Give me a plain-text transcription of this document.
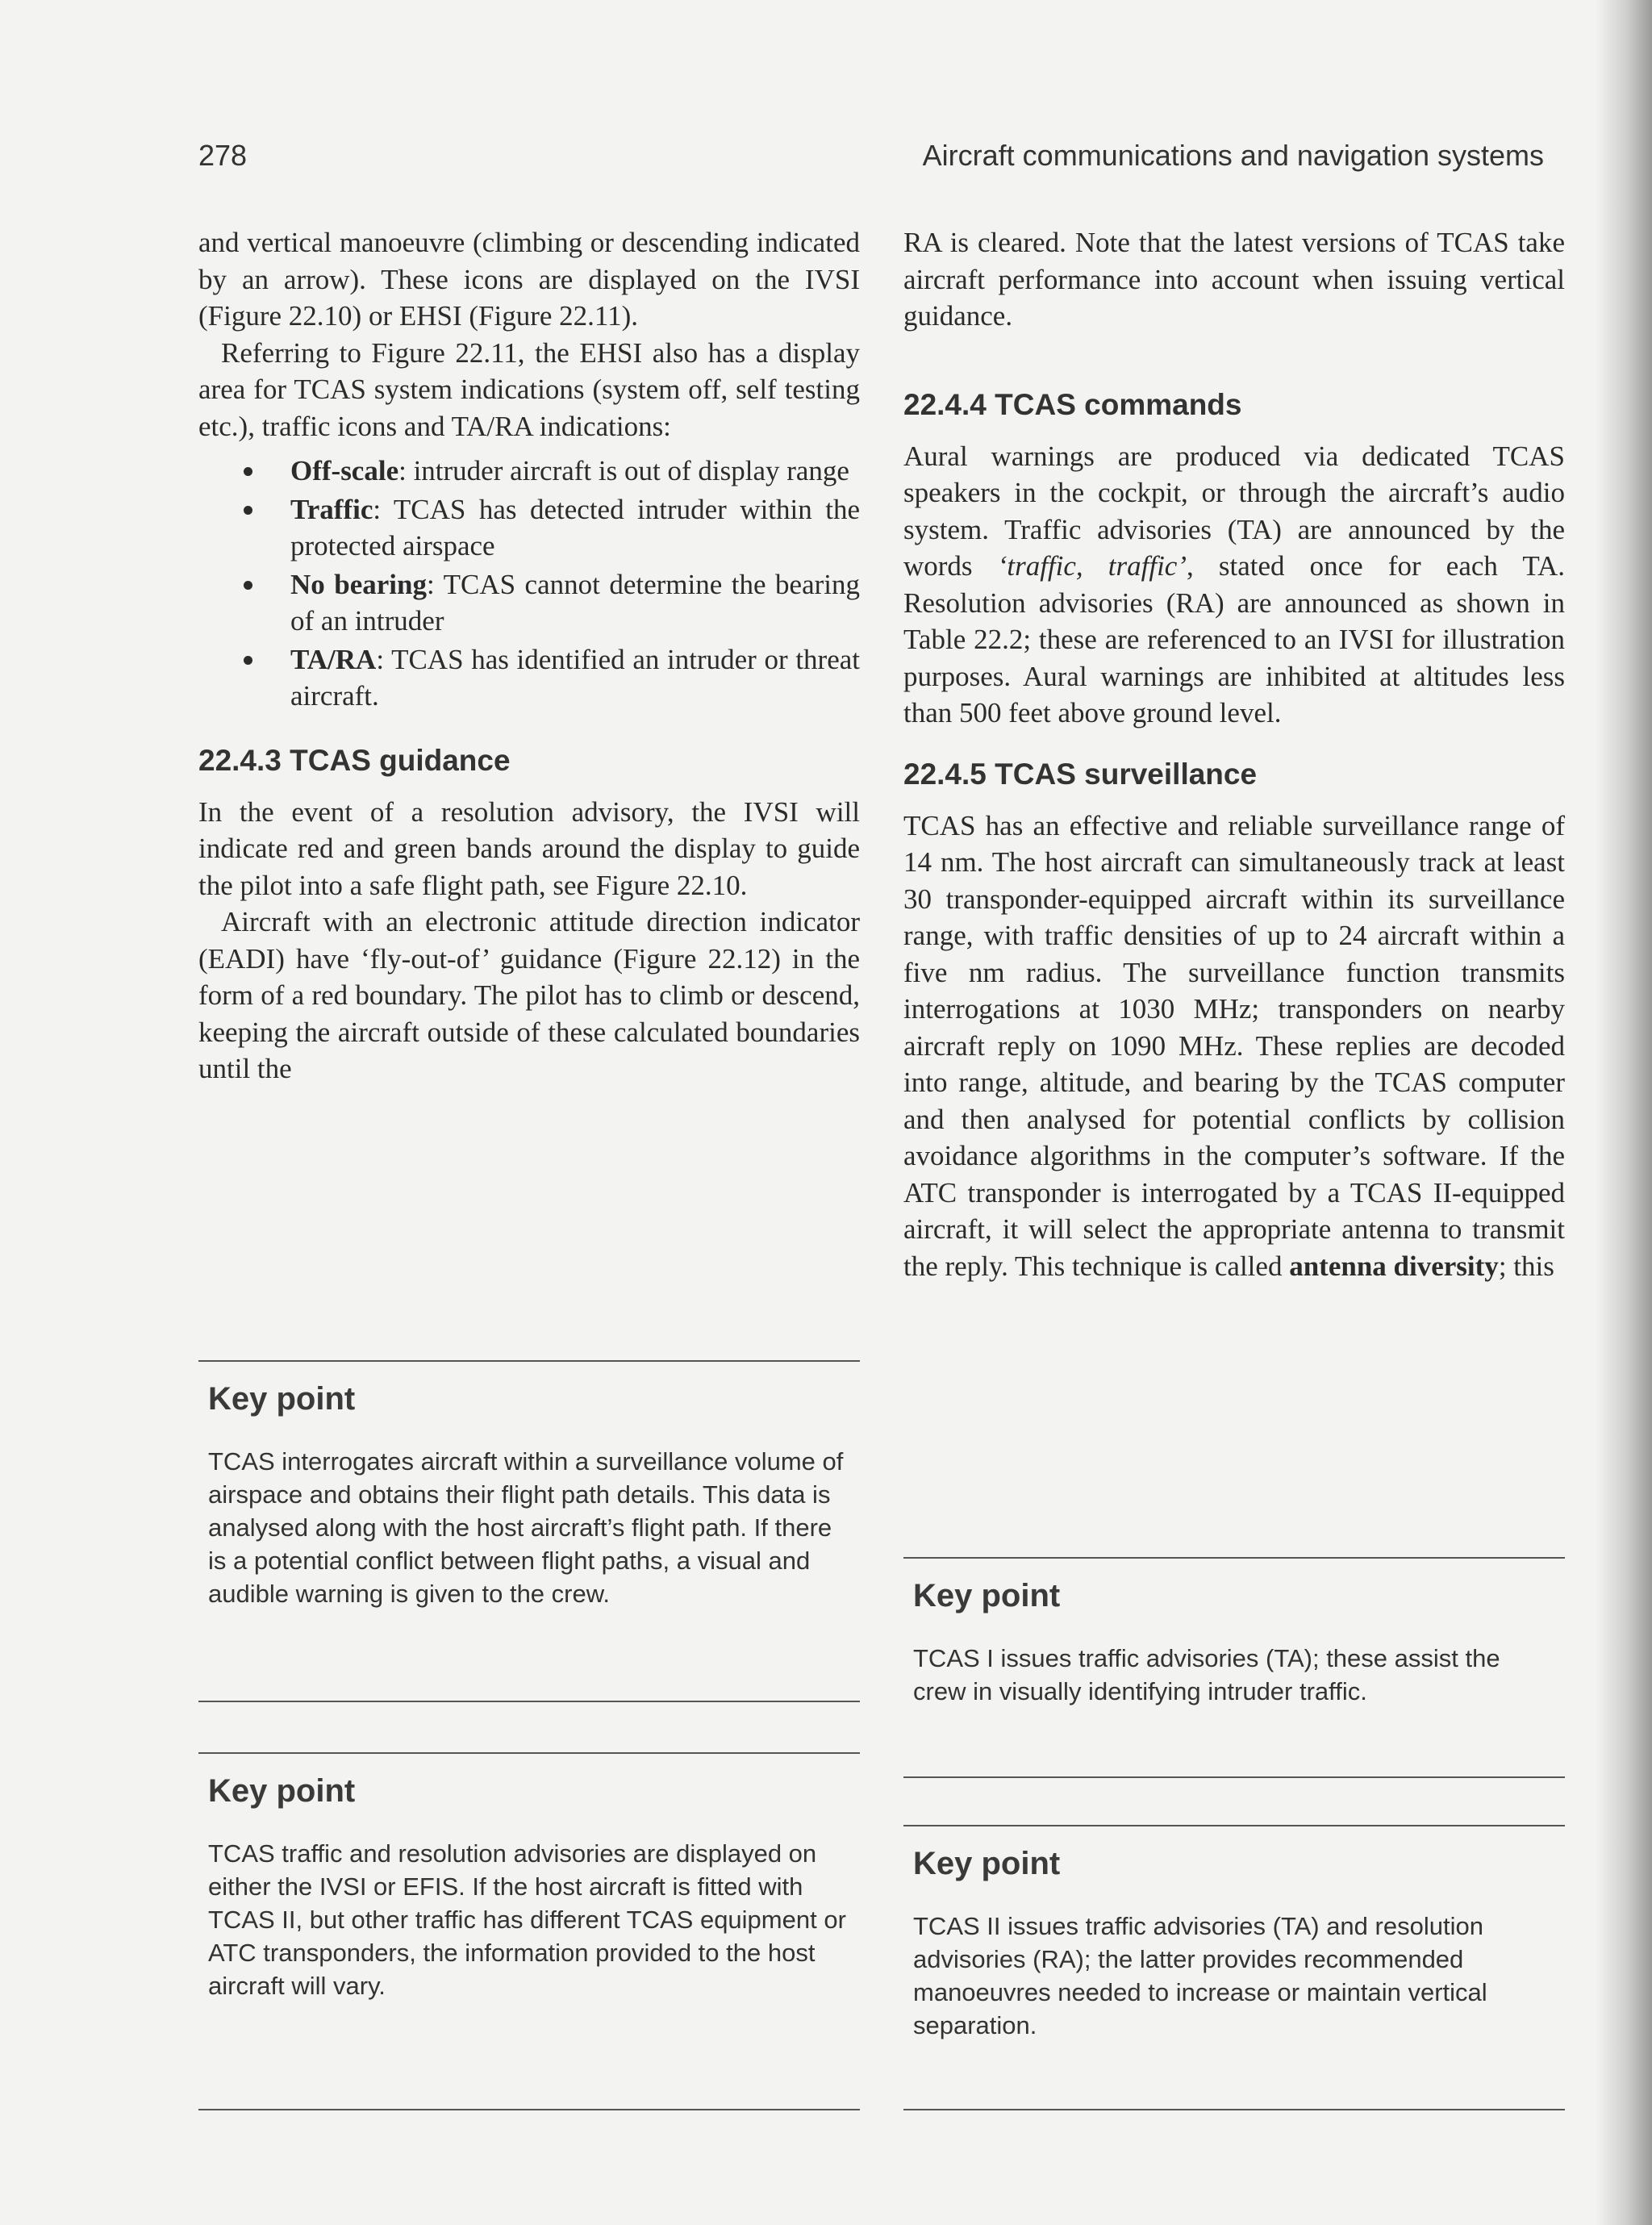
278	Aircraft communications and navigation systems

and vertical manoeuvre (climbing or descending indicated by an arrow). These icons are displayed on the IVSI (Figure 22.10) or EHSI (Figure 22.11).

Referring to Figure 22.11, the EHSI also has a display area for TCAS system indications (system off, self testing etc.), traffic icons and TA/RA indications:

Off-scale: intruder aircraft is out of display range
Traffic: TCAS has detected intruder within the protected airspace
No bearing: TCAS cannot determine the bearing of an intruder
TA/RA: TCAS has identified an intruder or threat aircraft.
22.4.3 TCAS guidance

In the event of a resolution advisory, the IVSI will indicate red and green bands around the display to guide the pilot into a safe flight path, see Figure 22.10.

Aircraft with an electronic attitude direction indicator (EADI) have ‘fly-out-of’ guidance (Figure 22.12) in the form of a red boundary. The pilot has to climb or descend, keeping the aircraft outside of these calculated boundaries until the

Key point

TCAS interrogates aircraft within a surveillance volume of airspace and obtains their flight path details. This data is analysed along with the host aircraft’s flight path. If there is a potential conflict between flight paths, a visual and audible warning is given to the crew.

Key point

TCAS traffic and resolution advisories are displayed on either the IVSI or EFIS. If the host aircraft is fitted with TCAS II, but other traffic has different TCAS equipment or ATC transponders, the information provided to the host aircraft will vary.

RA is cleared. Note that the latest versions of TCAS take aircraft performance into account when issuing vertical guidance.

22.4.4 TCAS commands

Aural warnings are produced via dedicated TCAS speakers in the cockpit, or through the aircraft’s audio system. Traffic advisories (TA) are announced by the words ‘traffic, traffic’, stated once for each TA. Resolution advisories (RA) are announced as shown in Table 22.2; these are referenced to an IVSI for illustration purposes. Aural warnings are inhibited at altitudes less than 500 feet above ground level.

22.4.5 TCAS surveillance

TCAS has an effective and reliable surveillance range of 14 nm. The host aircraft can simultaneously track at least 30 transponder-equipped aircraft within its surveillance range, with traffic densities of up to 24 aircraft within a five nm radius. The surveillance function transmits interrogations at 1030 MHz; transponders on nearby aircraft reply on 1090 MHz. These replies are decoded into range, altitude, and bearing by the TCAS computer and then analysed for potential conflicts by collision avoidance algorithms in the computer’s software. If the ATC transponder is interrogated by a TCAS II-equipped aircraft, it will select the appropriate antenna to transmit the reply. This technique is called antenna diversity; this

Key point

TCAS I issues traffic advisories (TA); these assist the crew in visually identifying intruder traffic.

Key point

TCAS II issues traffic advisories (TA) and resolution advisories (RA); the latter provides recommended manoeuvres needed to increase or maintain vertical separation.
